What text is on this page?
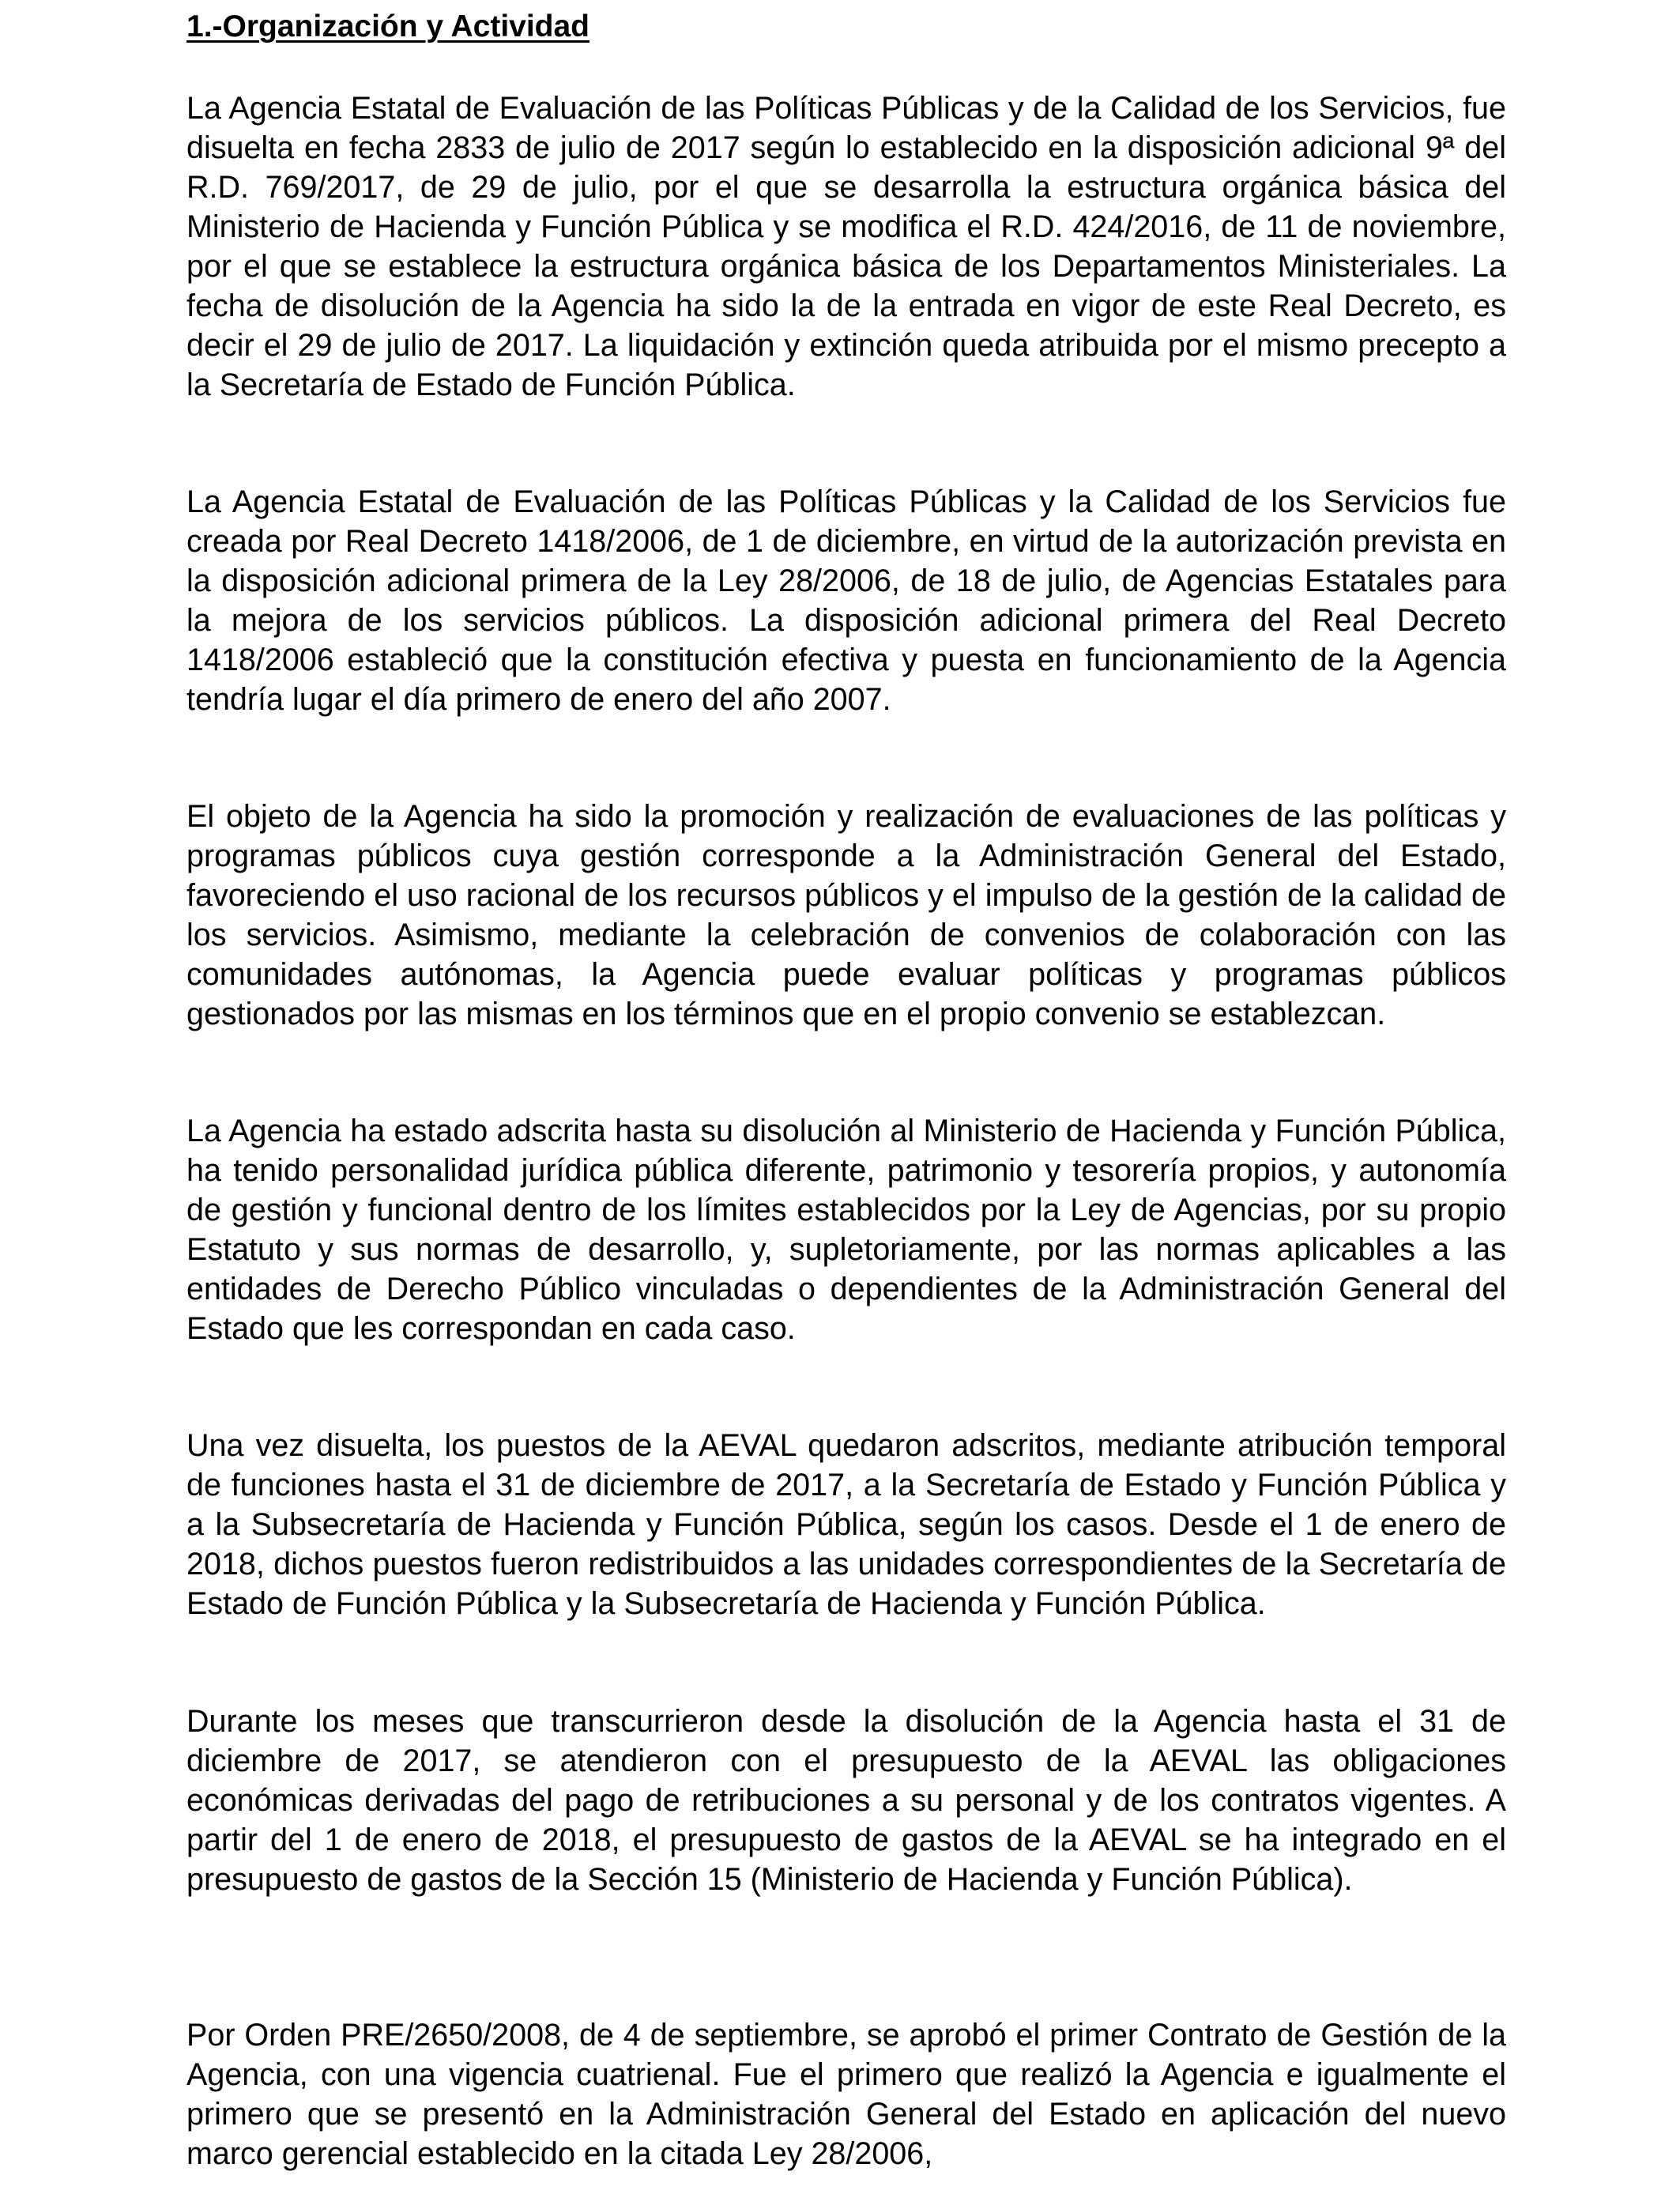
1.-Organización y Actividad

La Agencia Estatal de Evaluación de las Políticas Públicas y de la Calidad de los Servicios, fue disuelta en fecha 2833 de julio de 2017 según lo establecido en la disposición adicional 9ª del R.D. 769/2017, de 29 de julio, por el que se desarrolla la estructura orgánica básica del Ministerio de Hacienda y Función Pública y se modifica el R.D. 424/2016, de 11 de noviembre, por el que se establece la estructura orgánica básica de los Departamentos Ministeriales. La fecha de disolución de la Agencia ha sido la de la entrada en vigor de este Real Decreto, es decir el 29 de julio de 2017. La liquidación y extinción queda atribuida por el mismo precepto a la Secretaría de Estado de Función Pública.

La Agencia Estatal de Evaluación de las Políticas Públicas y la Calidad de los Servicios fue creada por Real Decreto 1418/2006, de 1 de diciembre, en virtud de la autorización prevista en la disposición adicional primera de la Ley 28/2006, de 18 de julio, de Agencias Estatales para la mejora de los servicios públicos. La disposición adicional primera del Real Decreto 1418/2006 estableció que la constitución efectiva y puesta en funcionamiento de la Agencia tendría lugar el día primero de enero del año 2007.

El objeto de la Agencia ha sido la promoción y realización de evaluaciones de las políticas y programas públicos cuya gestión corresponde a la Administración General del Estado, favoreciendo el uso racional de los recursos públicos y el impulso de la gestión de la calidad de los servicios. Asimismo, mediante la celebración de convenios de colaboración con las comunidades autónomas, la Agencia puede evaluar políticas y programas públicos gestionados por las mismas en los términos que en el propio convenio se establezcan.

La Agencia ha estado adscrita hasta su disolución al Ministerio de Hacienda y Función Pública, ha tenido personalidad jurídica pública diferente, patrimonio y tesorería propios, y autonomía de gestión y funcional dentro de los límites establecidos por la Ley de Agencias, por su propio Estatuto y sus normas de desarrollo, y, supletoriamente, por las normas aplicables a las entidades de Derecho Público vinculadas o dependientes de la Administración General del Estado que les correspondan en cada caso.

Una vez disuelta, los puestos de la AEVAL quedaron adscritos, mediante atribución temporal de funciones hasta el 31 de diciembre de 2017, a la Secretaría de Estado y Función Pública y a la Subsecretaría de Hacienda y Función Pública, según los casos. Desde el 1 de enero de 2018, dichos puestos fueron redistribuidos a las unidades correspondientes de la Secretaría de Estado de Función Pública y la Subsecretaría de Hacienda y Función Pública.

Durante los meses que transcurrieron desde la disolución de la Agencia hasta el 31 de diciembre de 2017, se atendieron con el presupuesto de la AEVAL las obligaciones económicas derivadas del pago de retribuciones a su personal y de los contratos vigentes. A partir del 1 de enero de 2018, el presupuesto de gastos de la AEVAL se ha integrado en el presupuesto de gastos de la Sección 15 (Ministerio de Hacienda y Función Pública).

Por Orden PRE/2650/2008, de 4 de septiembre, se aprobó el primer Contrato de Gestión de la Agencia, con una vigencia cuatrienal. Fue el primero que realizó la Agencia e igualmente el primero que se presentó en la Administración General del Estado en aplicación del nuevo marco gerencial establecido en la citada Ley 28/2006,
